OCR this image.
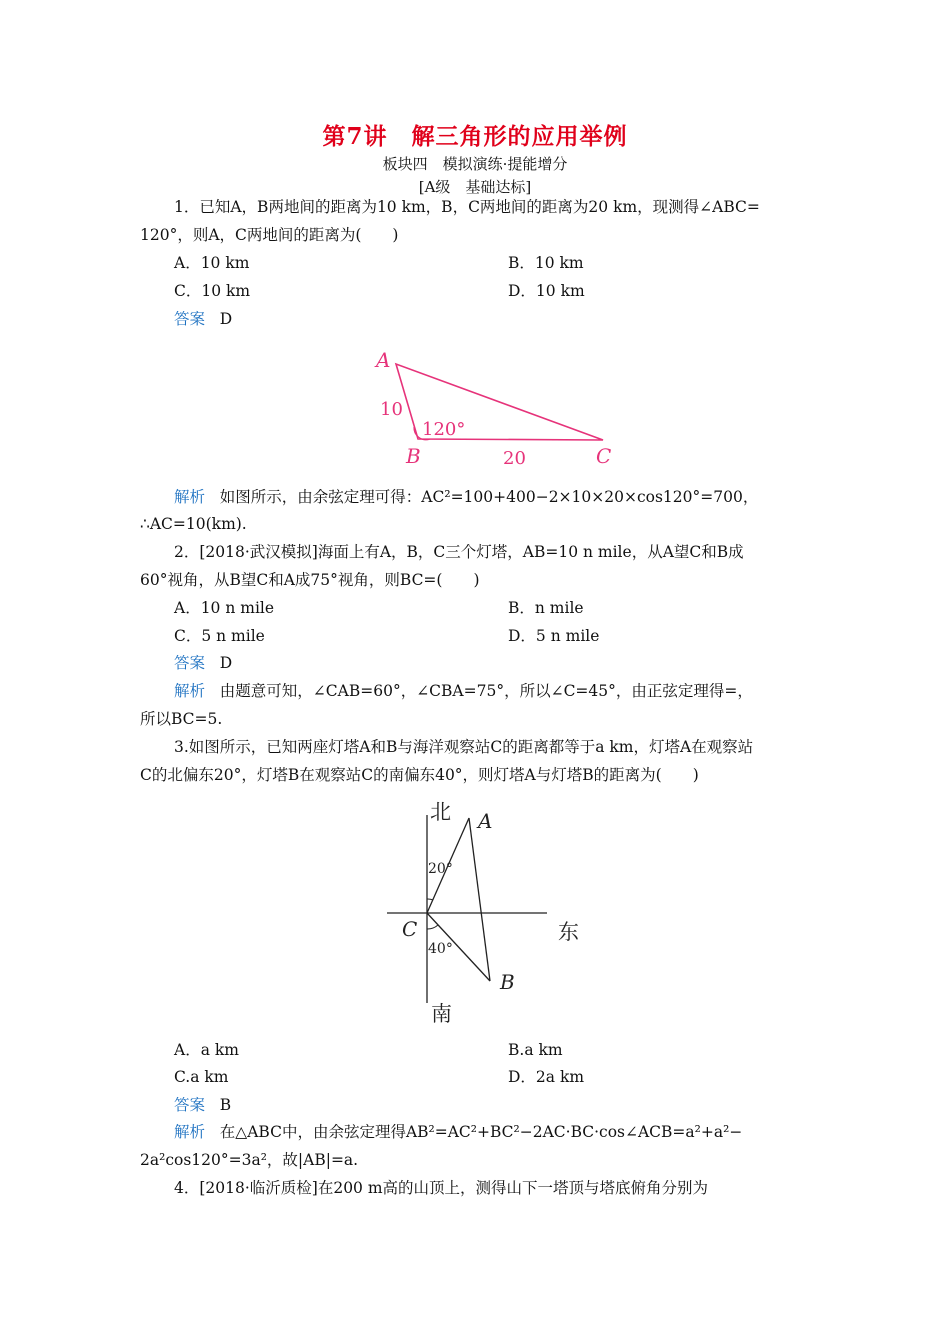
第7讲　解三角形的应用举例
板块四　模拟演练·提能增分
[A级　基础达标]
1．已知A，B两地间的距离为10 km，B，C两地间的距离为20 km，现测得∠ABC=
120°，则A，C两地间的距离为(　　)
A．10 km	B．10 km
C．10 km	D．10 km
答案 D
A
B	C
10
20
120°
解析 如图所示，由余弦定理可得：AC²=100+400−2×10×20×cos120°=700，
∴AC=10(km).
2．[2018·武汉模拟]海面上有A，B，C三个灯塔，AB=10 n mile，从A望C和B成
60°视角，从B望C和A成75°视角，则BC=(　　)
A．10 n mile	B．n mile
C．5 n mile	D．5 n mile
答案 D
解析 由题意可知，∠CAB=60°，∠CBA=75°，所以∠C=45°，由正弦定理得=，
所以BC=5.
3.如图所示，已知两座灯塔A和B与海洋观察站C的距离都等于a km，灯塔A在观察站
C的北偏东20°，灯塔B在观察站C的南偏东40°，则灯塔A与灯塔B的距离为(　　)
北
南
东
A
B
C
20°
40°
A．a km	B.a km
C.a km	D．2a km
答案 B
解析 在△ABC中，由余弦定理得AB²=AC²+BC²−2AC·BC·cos∠ACB=a²+a²−
2a²cos120°=3a²，故|AB|=a.
4．[2018·临沂质检]在200 m高的山顶上，测得山下一塔顶与塔底俯角分别为
